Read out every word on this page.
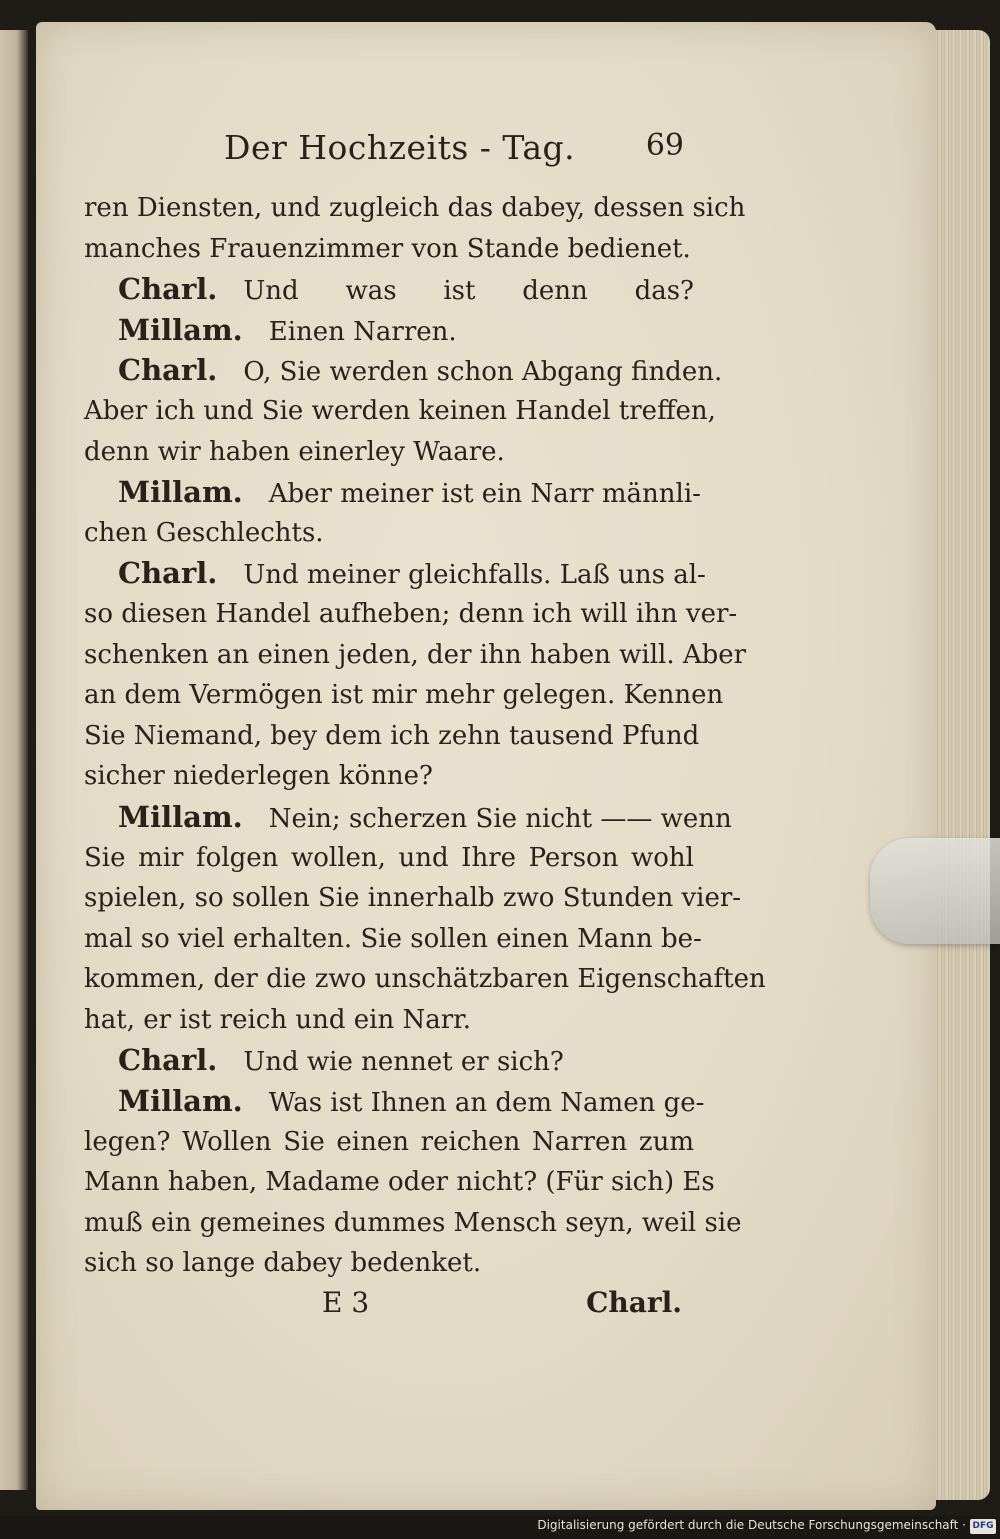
Der Hochzeits - Tag. 69
ren Diensten, und zugleich das dabey, dessen sich
manches Frauenzimmer von Stande bedienet.
Charl. Und was ist denn das?
Millam. Einen Narren.
Charl. O, Sie werden schon Abgang finden.
Aber ich und Sie werden keinen Handel treffen,
denn wir haben einerley Waare.
Millam. Aber meiner ist ein Narr männli-
chen Geschlechts.
Charl. Und meiner gleichfalls. Laß uns al-
so diesen Handel aufheben; denn ich will ihn ver-
schenken an einen jeden, der ihn haben will. Aber
an dem Vermögen ist mir mehr gelegen. Kennen
Sie Niemand, bey dem ich zehn tausend Pfund
sicher niederlegen könne?
Millam. Nein; scherzen Sie nicht —— wenn
Sie mir folgen wollen, und Ihre Person wohl
spielen, so sollen Sie innerhalb zwo Stunden vier-
mal so viel erhalten. Sie sollen einen Mann be-
kommen, der die zwo unschätzbaren Eigenschaften
hat, er ist reich und ein Narr.
Charl. Und wie nennet er sich?
Millam. Was ist Ihnen an dem Namen ge-
legen? Wollen Sie einen reichen Narren zum
Mann haben, Madame oder nicht? (Für sich) Es
muß ein gemeines dummes Mensch seyn, weil sie
sich so lange dabey bedenket.
E 3	Charl.
Digitalisierung gefördert durch die Deutsche Forschungsgemeinschaft · DFG
